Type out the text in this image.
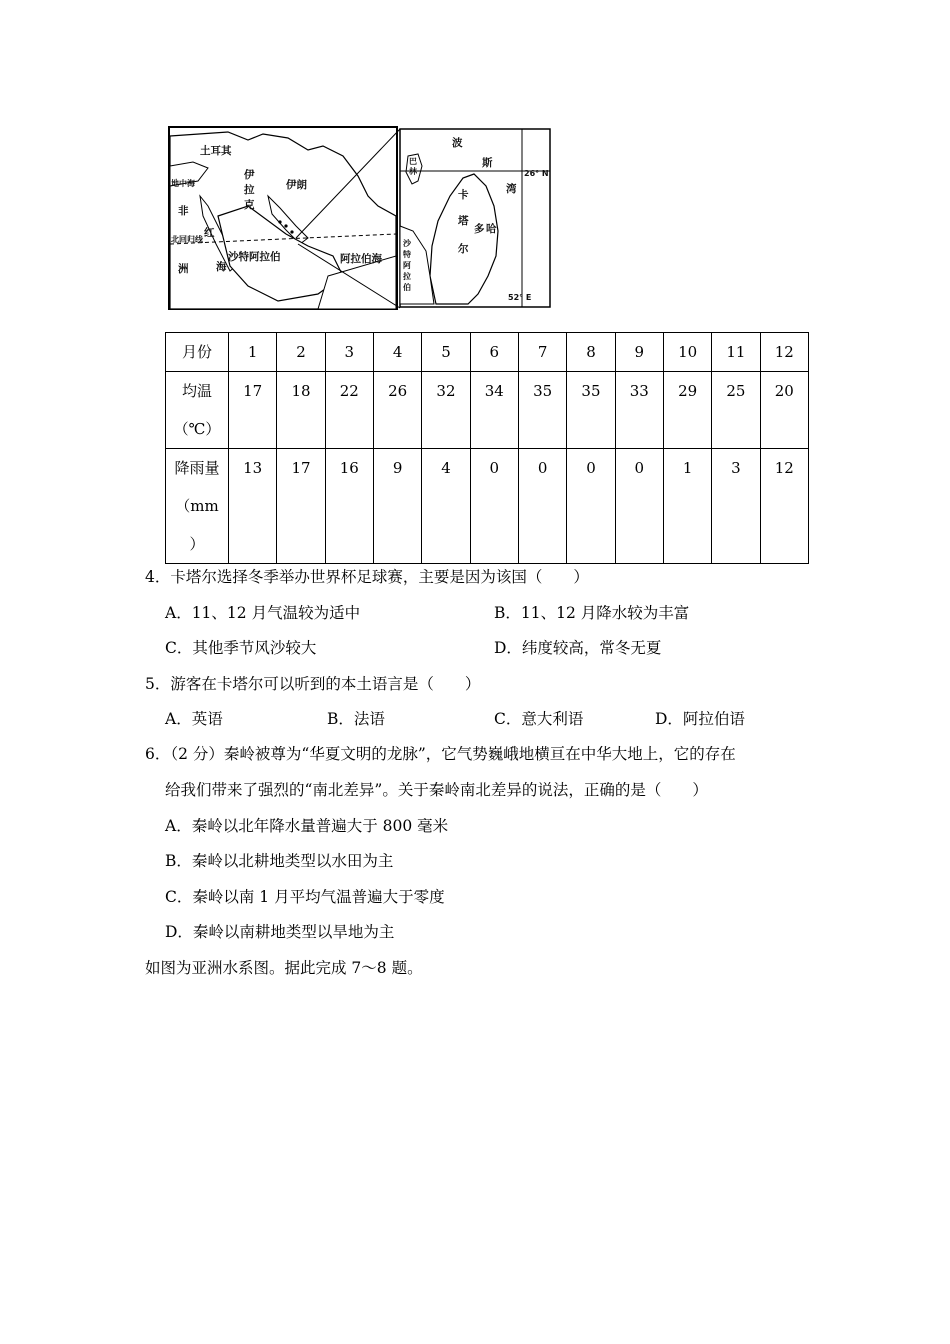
土耳其
地中海
伊
拉
克
伊朗
非
洲
红
海
北回归线
沙特阿拉伯	阿拉伯海
巴
林
波
斯
湾
卡
塔
尔
多 哈
沙
特
阿
拉
伯
26° N
52° E
月份	1	2	3	4	5	6	7	8	9	10	11	12

均温
（℃）	17	18	22	26	32	34	35	35	33	29	25	20

降雨量
（mm
）	13	17	16	9	4	0	0	0	0	1	3	12
4．卡塔尔选择冬季举办世界杯足球赛，主要是因为该国（　　）
A．11、12 月气温较为适中	B．11、12 月降水较为丰富
C．其他季节风沙较大	D．纬度较高，常冬无夏
5．游客在卡塔尔可以听到的本土语言是（　　）
A．英语	B．法语	C．意大利语	D．阿拉伯语
6．（2 分）秦岭被尊为“华夏文明的龙脉”，它气势巍峨地横亘在中华大地上，它的存在
给我们带来了强烈的“南北差异”。关于秦岭南北差异的说法，正确的是（　　）
A．秦岭以北年降水量普遍大于 800 毫米
B．秦岭以北耕地类型以水田为主
C．秦岭以南 1 月平均气温普遍大于零度
D．秦岭以南耕地类型以旱地为主
如图为亚洲水系图。据此完成 7～8 题。
